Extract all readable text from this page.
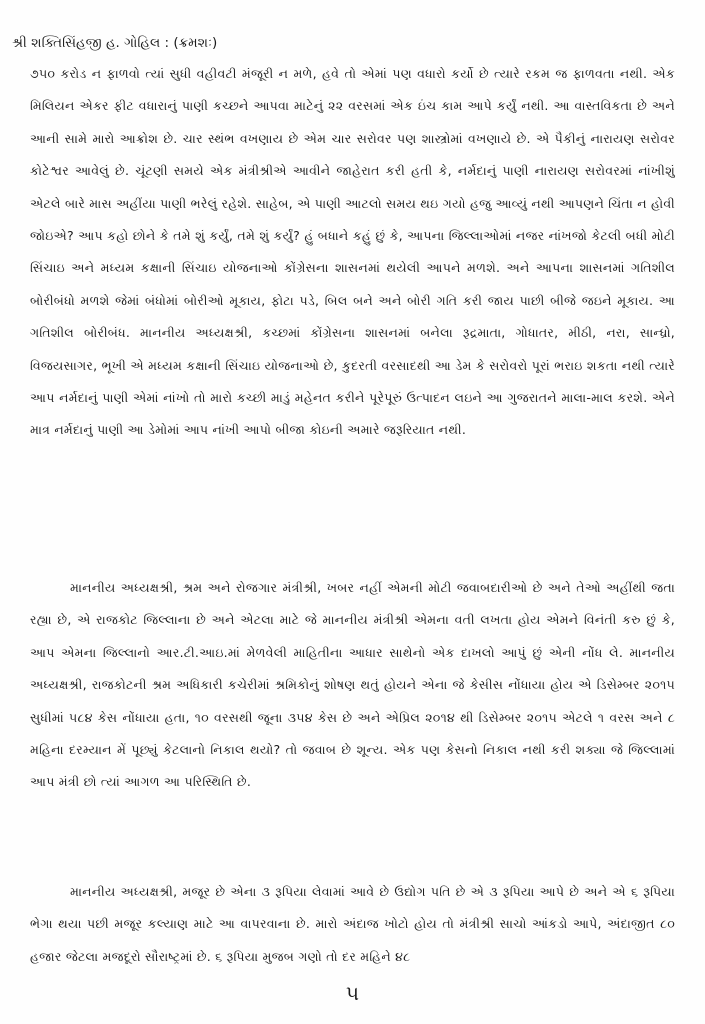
શ્રી શક્તિસિંહજી હ. ગોહિલ : (ક્રમશઃ)

૭૫૦ કરોડ ન ફાળવો ત્યાં સુધી વહીવટી મંજૂરી ન મળે, હવે તો એમાં પણ વધારો કર્યો છે ત્યારે રકમ જ ફાળવતા નથી. એક મિલિયન એકર ફીટ વધારાનું પાણી કચ્છને આપવા માટેનું ૨૨ વરસમાં એક ઇંચ કામ આપે કર્યું નથી. આ વાસ્તવિકતા છે અને આની સામે મારો આક્રોશ છે. ચાર સ્થંભ વખણાય છે એમ ચાર સરોવર પણ શાસ્ત્રોમાં વખણાયે છે. એ પૈકીનું નારાયણ સરોવર કોટેશ્વર આવેલું છે. ચૂંટણી સમયે એક મંત્રીશ્રીએ આવીને જાહેરાત કરી હતી કે, નર્મદાનું પાણી નારાયણ સરોવરમાં નાંખીશું એટલે બારે માસ અહીંયા પાણી ભરેલું રહેશે. સાહેબ, એ પાણી આટલો સમય થઇ ગયો હજુ આવ્યું નથી આપણને ચિંતા ન હોવી જોઇએ? આપ કહો છોને કે તમે શું કર્યું, તમે શું કર્યું? હું બધાને કહું છું કે, આપના જિલ્લાઓમાં નજર નાંખજો કેટલી બધી મોટી સિંચાઇ અને મધ્યમ કક્ષાની સિંચાઇ યોજનાઓ કોંગ્રેસના શાસનમાં થયેલી આપને મળશે. અને આપના શાસનમાં ગતિશીલ બોરીબંધો મળશે જેમાં બંધોમાં બોરીઓ મૂકાય, ફોટા પડે, બિલ બને અને બોરી ગતિ કરી જાય પાછી બીજે જઇને મૂકાય. આ ગતિશીલ બોરીબંધ. માનનીય અધ્યક્ષશ્રી, કચ્છમાં કોંગ્રેસના શાસનમાં બનેલા રૂદ્રમાતા, ગોધાતર, મીઠી, નરા, સાન્ધ્રો, વિજયસાગર, ભૂખી એ મધ્યમ કક્ષાની સિંચાઇ યોજનાઓ છે, કુદરતી વરસાદથી આ ડેમ કે સરોવરો પૂરાં ભરાઇ શકતા નથી ત્યારે આપ નર્મદાનું પાણી એમાં નાંખો તો મારો કચ્છી માડું મહેનત કરીને પૂરેપૂરું ઉત્પાદન લઇને આ ગુજરાતને માલા-માલ કરશે. એને માત્ર નર્મદાનું પાણી આ ડેમોમાં આપ નાંખી આપો બીજા કોઇની અમારે જરૂરિયાત નથી.

માનનીય અધ્યક્ષશ્રી, શ્રમ અને રોજગાર મંત્રીશ્રી, ખબર નહીં એમની મોટી જવાબદારીઓ છે અને તેઓ અહીંથી જતા રહ્યા છે, એ રાજકોટ જિલ્લાના છે અને એટલા માટે જે માનનીય મંત્રીશ્રી એમના વતી લખતા હોય એમને વિનંતી કરુ છું કે, આપ એમના જિલ્લાનો આર.ટી.આઇ.માં મેળવેલી માહિતીના આધાર સાથેનો એક દાખલો આપું છું એની નોંધ લે. માનનીય અધ્યક્ષશ્રી, રાજકોટની શ્રમ અધિકારી કચેરીમાં શ્રમિકોનું શોષણ થતું હોયને એના જે કેસીસ નોંધાયા હોય એ ડિસેમ્બર ૨૦૧૫ સુધીમાં ૫૮૪ કેસ નોંધાયા હતા, ૧૦ વરસથી જૂના ૩૫૪ કેસ છે અને એપ્રિલ ૨૦૧૪ થી ડિસેમ્બર ૨૦૧૫ એટલે ૧ વરસ અને ૮ મહિના દરમ્યાન મેં પૂછ્યું કેટલાનો નિકાલ થયો? તો જવાબ છે શૂન્ય. એક પણ કેસનો નિકાલ નથી કરી શક્યા જે જિલ્લામાં આપ મંત્રી છો ત્યાં આગળ આ પરિસ્થિતિ છે.

માનનીય અધ્યક્ષશ્રી, મજૂર છે એના ૩ રૂપિયા લેવામાં આવે છે ઉદ્યોગ પતિ છે એ ૩ રૂપિયા આપે છે અને એ ૬ રૂપિયા ભેગા થયા પછી મજૂર કલ્યાણ માટે આ વાપરવાના છે. મારો અંદાજ ખોટો હોય તો મંત્રીશ્રી સાચો આંકડો આપે, અંદાજીત ૮૦ હજાર જેટલા મજદૂરો સૌરાષ્ટ્રમાં છે. ૬ રૂપિયા મુજબ ગણો તો દર મહિને ૪૮

૫
